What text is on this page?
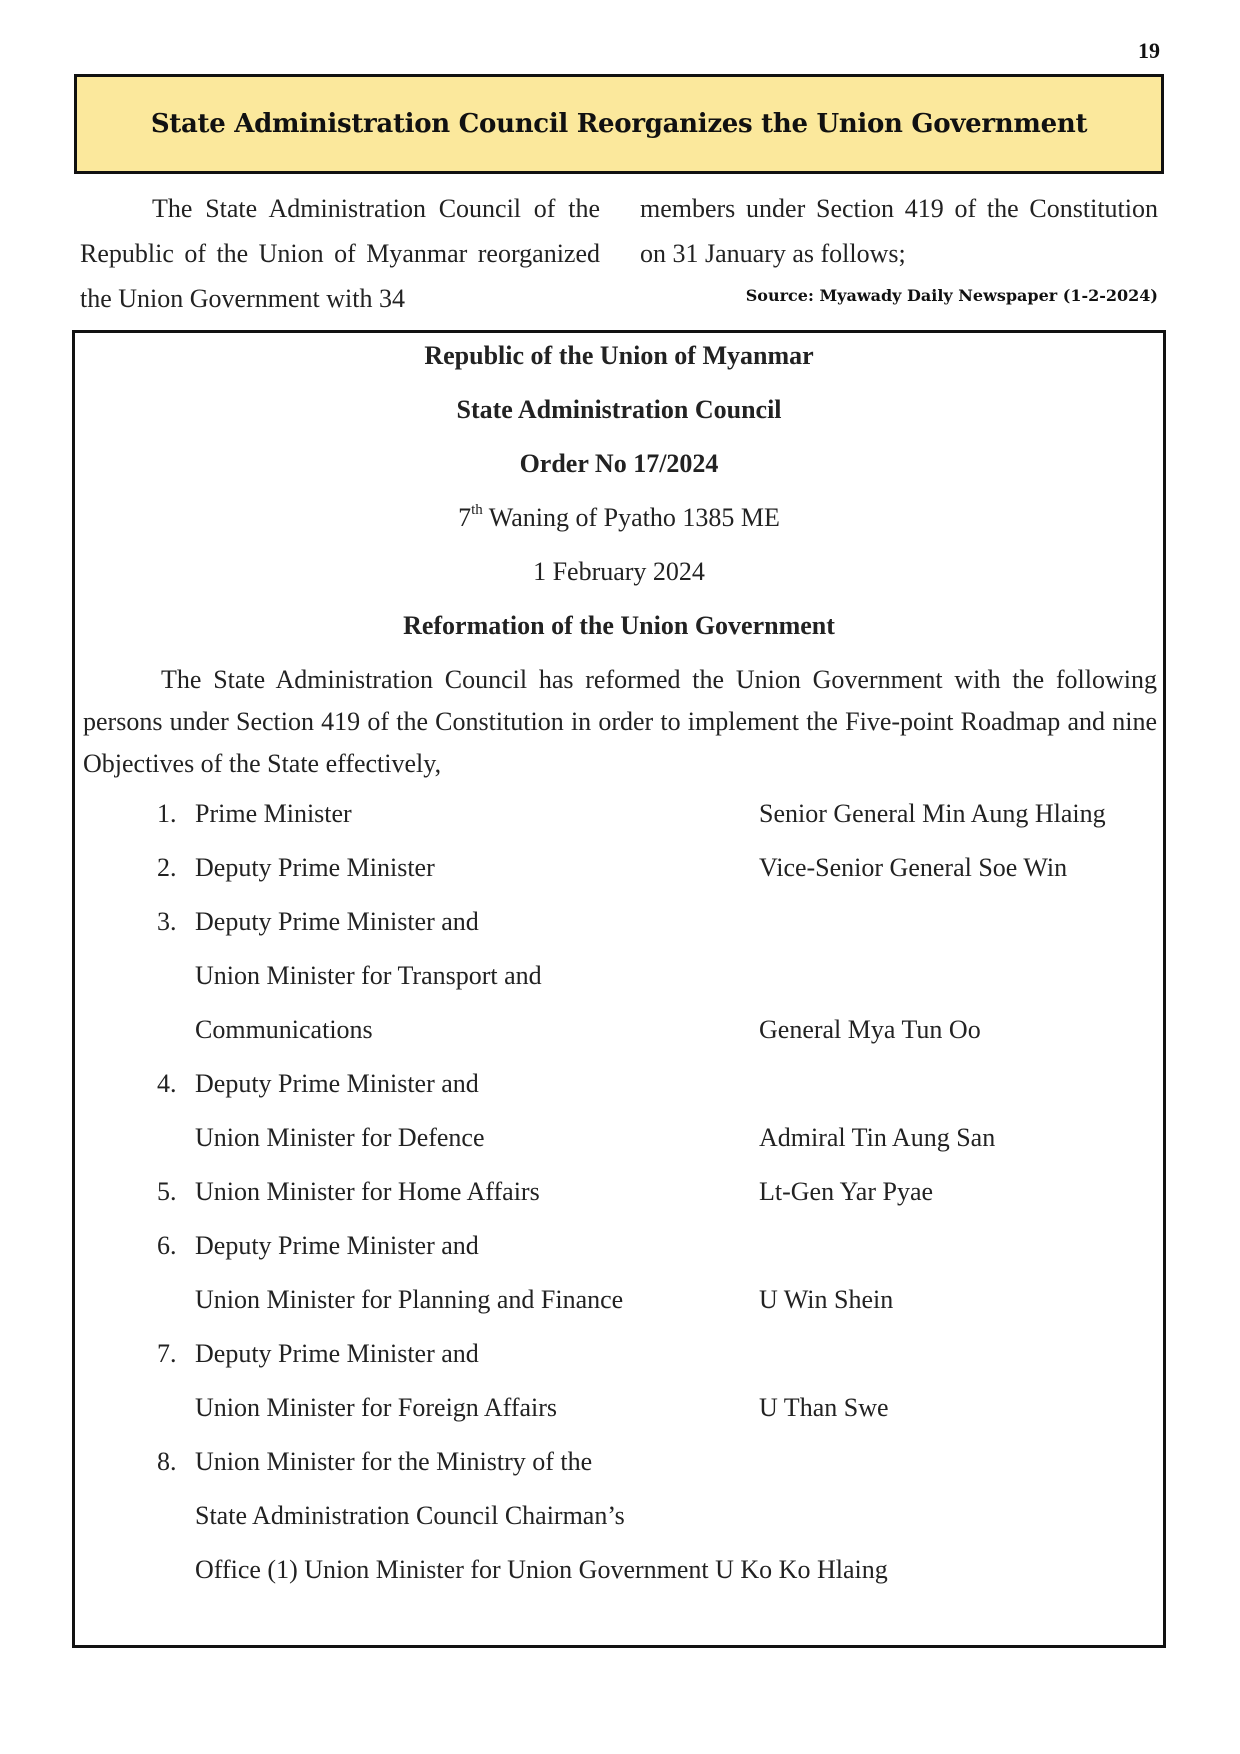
19
State Administration Council Reorganizes the Union Government
The State Administration Council of the Republic of the Union of Myanmar reorganized the Union Government with 34
members under Section 419 of the Constitution on 31 January as follows;
Source: Myawady Daily Newspaper (1-2-2024)
Republic of the Union of Myanmar
State Administration Council
Order No 17/2024
7th Waning of Pyatho 1385 ME
1 February 2024
Reformation of the Union Government
The State Administration Council has reformed the Union Government with the following persons under Section 419 of the Constitution in order to implement the Five-point Roadmap and nine Objectives of the State effectively,
1. Prime Minister	Senior General Min Aung Hlaing
2. Deputy Prime Minister	Vice-Senior General Soe Win
3. Deputy Prime Minister and
Union Minister for Transport and
Communications	General Mya Tun Oo
4. Deputy Prime Minister and
Union Minister for Defence	Admiral Tin Aung San
5. Union Minister for Home Affairs	Lt-Gen Yar Pyae
6. Deputy Prime Minister and
Union Minister for Planning and Finance	U Win Shein
7. Deputy Prime Minister and
Union Minister for Foreign Affairs	U Than Swe
8. Union Minister for the Ministry of the
State Administration Council Chairman’s
Office (1) Union Minister for Union Government U Ko Ko Hlaing
